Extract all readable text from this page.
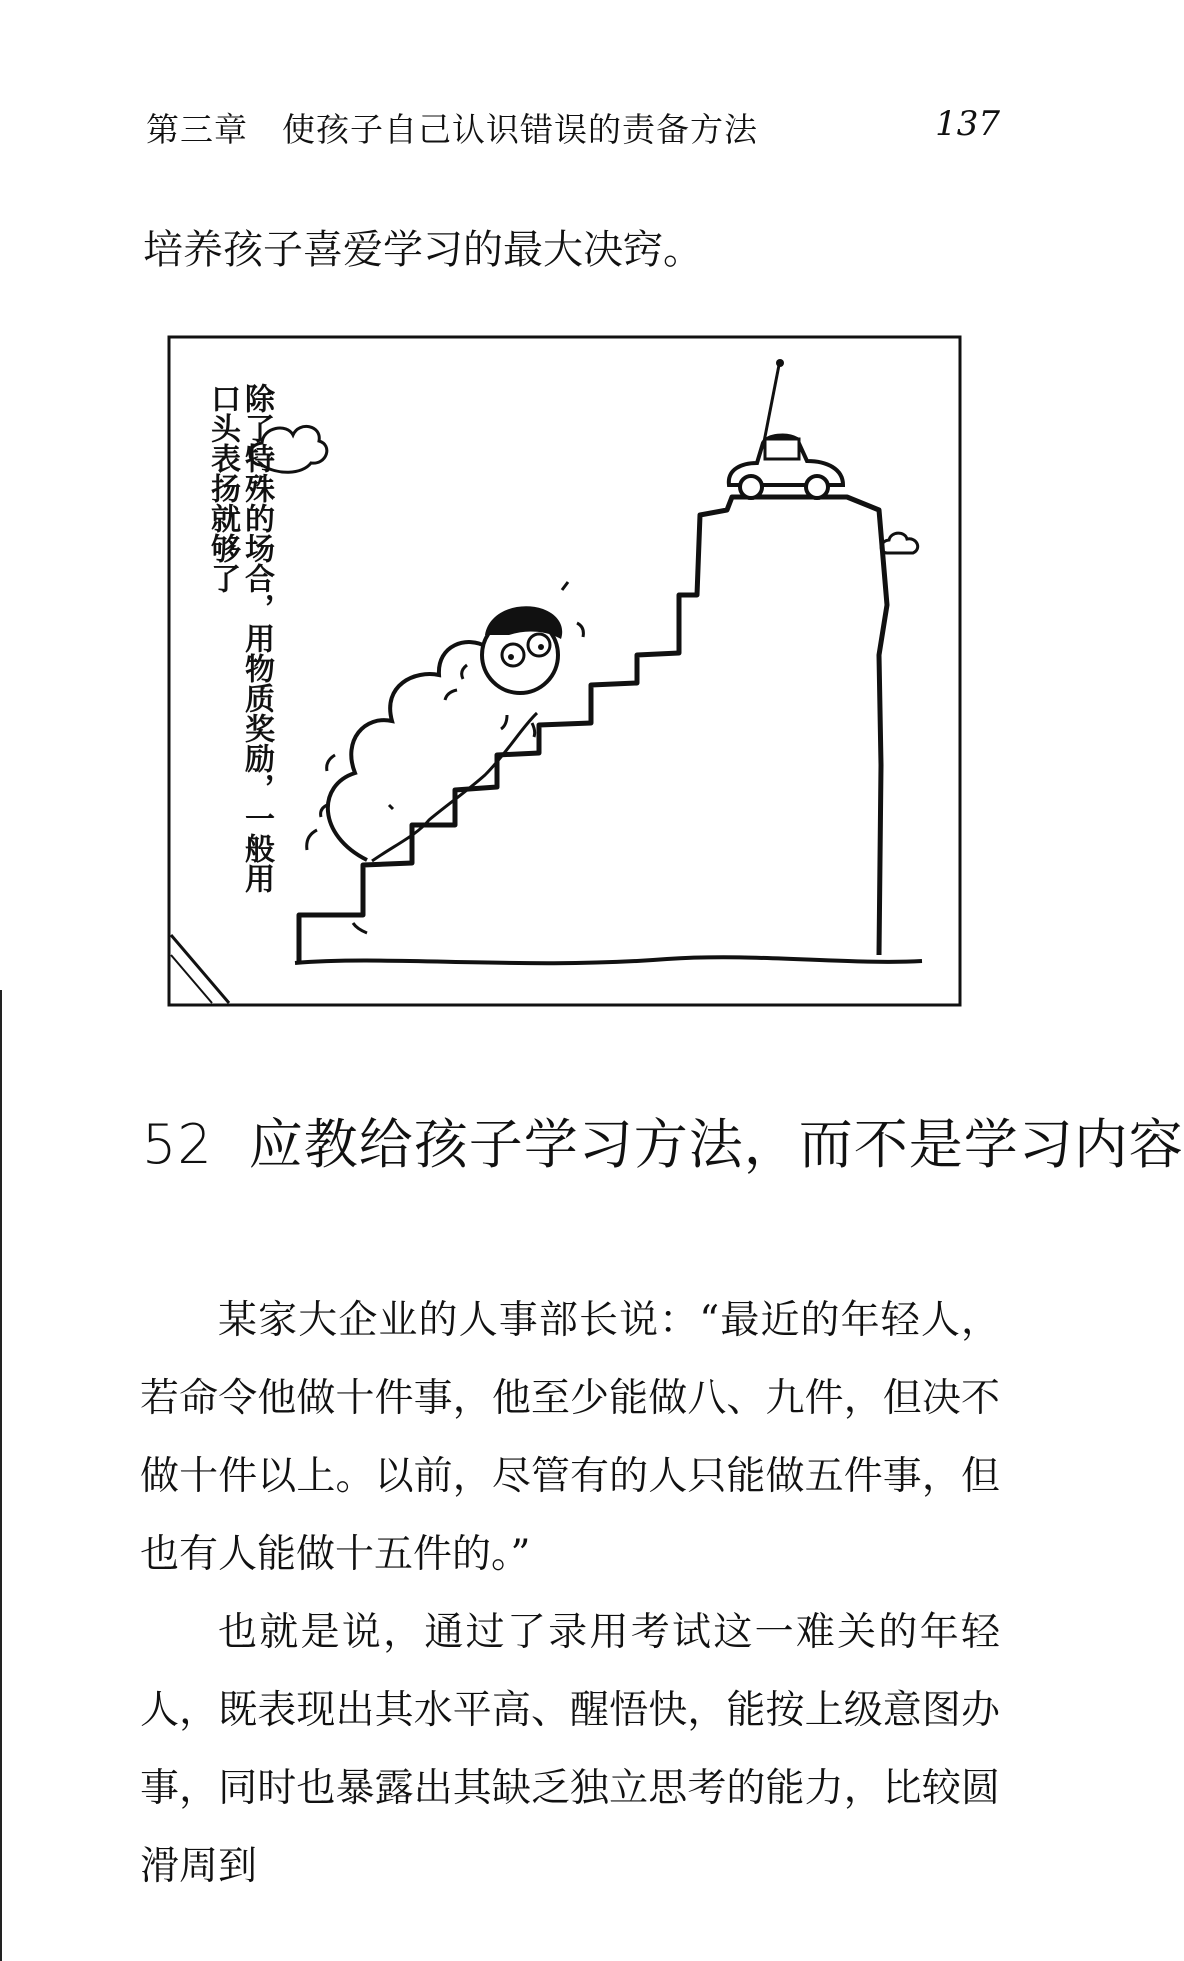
第三章　使孩子自己认识错误的责备方法	137
培养孩子喜爱学习的最大决窍。
除了特殊的场合，用物质奖励，一般用
口头表扬就够了
52 应教给孩子学习方法，而不是学习内容

某家大企业的人事部长说：“最近的年轻人，若命令他做十件事，他至少能做八、九件，但决不做十件以上。以前，尽管有的人只能做五件事，但也有人能做十五件的。”

也就是说，通过了录用考试这一难关的年轻人，既表现出其水平高、醒悟快，能按上级意图办事，同时也暴露出其缺乏独立思考的能力，比较圆滑周到
